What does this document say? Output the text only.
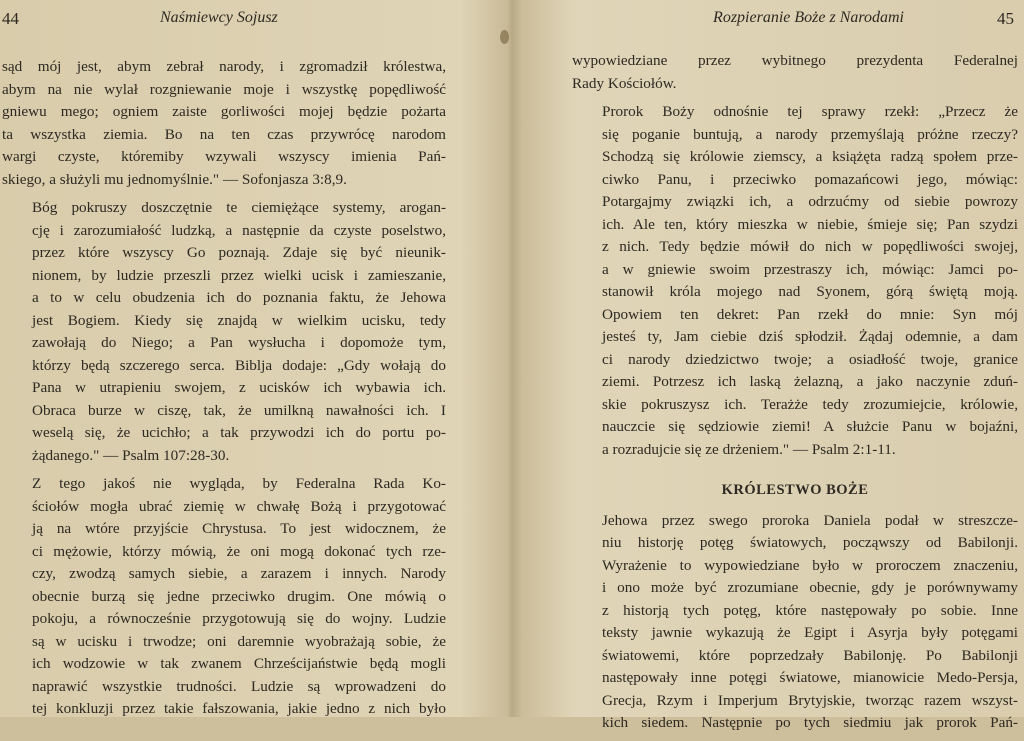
44	Naśmiewcy Sojusz
sąd mój jest, abym zebrał narody, i zgromadził królestwa,
abym na nie wylał rozgniewanie moje i wszystkę popędliwość
gniewu mego; ogniem zaiste gorliwości mojej będzie pożarta
ta wszystka ziemia. Bo na ten czas przywrócę narodom
wargi czyste, któremiby wzywali wszyscy imienia Pań-
skiego, a służyli mu jednomyślnie." — Sofonjasza 3:8,9.
Bóg pokruszy doszczętnie te ciemiężące systemy, arogan-
cję i zarozumiałość ludzką, a następnie da czyste poselstwo,
przez które wszyscy Go poznają. Zdaje się być nieunik-
nionem, by ludzie przeszli przez wielki ucisk i zamieszanie,
a to w celu obudzenia ich do poznania faktu, że Jehowa
jest Bogiem. Kiedy się znajdą w wielkim ucisku, tedy
zawołają do Niego; a Pan wysłucha i dopomoże tym,
którzy będą szczerego serca. Biblja dodaje: „Gdy wołają do
Pana w utrapieniu swojem, z ucisków ich wybawia ich.
Obraca burze w ciszę, tak, że umilkną nawałności ich. I
weselą się, że ucichło; a tak przywodzi ich do portu po-
żądanego." — Psalm 107:28-30.
Z tego jakoś nie wygląda, by Federalna Rada Ko-
ściołów mogła ubrać ziemię w chwałę Bożą i przygotować
ją na wtóre przyjście Chrystusa. To jest widocznem, że
ci mężowie, którzy mówią, że oni mogą dokonać tych rze-
czy, zwodzą samych siebie, a zarazem i innych. Narody
obecnie burzą się jedne przeciwko drugim. One mówią o
pokoju, a równocześnie przygotowują się do wojny. Ludzie
są w ucisku i trwodze; oni daremnie wyobrażają sobie, że
ich wodzowie w tak zwanem Chrześcijaństwie będą mogli
naprawić wszystkie trudności. Ludzie są wprowadzeni do
tej konkluzji przez takie fałszowania, jakie jedno z nich było
Rozpieranie Boże z Narodami	45
wypowiedziane przez wybitnego prezydenta Federalnej
Rady Kościołów.
Prorok Boży odnośnie tej sprawy rzekł: „Przecz że
się poganie buntują, a narody przemyślają próżne rzeczy?
Schodzą się królowie ziemscy, a książęta radzą społem prze-
ciwko Panu, i przeciwko pomazańcowi jego, mówiąc:
Potargajmy związki ich, a odrzućmy od siebie powrozy
ich. Ale ten, który mieszka w niebie, śmieje się; Pan szydzi
z nich. Tedy będzie mówił do nich w popędliwości swojej,
a w gniewie swoim przestraszy ich, mówiąc: Jamci po-
stanowił króla mojego nad Syonem, górą świętą moją.
Opowiem ten dekret: Pan rzekł do mnie: Syn mój
jesteś ty, Jam ciebie dziś spłodził. Żądaj odemnie, a dam
ci narody dziedzictwo twoje; a osiadłość twoje, granice
ziemi. Potrzesz ich laską żelazną, a jako naczynie zduń-
skie pokruszysz ich. Terażże tedy zrozumiejcie, królowie,
nauczcie się sędziowie ziemi! A służcie Panu w bojaźni,
a rozradujcie się ze drżeniem." — Psalm 2:1-11.
KRÓLESTWO BOŻE
Jehowa przez swego proroka Daniela podał w streszcze-
niu historję potęg światowych, począwszy od Babilonji.
Wyrażenie to wypowiedziane było w proroczem znaczeniu,
i ono może być zrozumiane obecnie, gdy je porównywamy
z historją tych potęg, które następowały po sobie. Inne
teksty jawnie wykazują że Egipt i Asyrja były potęgami
światowemi, które poprzedzały Babilonję. Po Babilonji
następowały inne potęgi światowe, mianowicie Medo-Persja,
Grecja, Rzym i Imperjum Brytyjskie, tworząc razem wszyst-
kich siedem. Następnie po tych siedmiu jak prorok Pań-
